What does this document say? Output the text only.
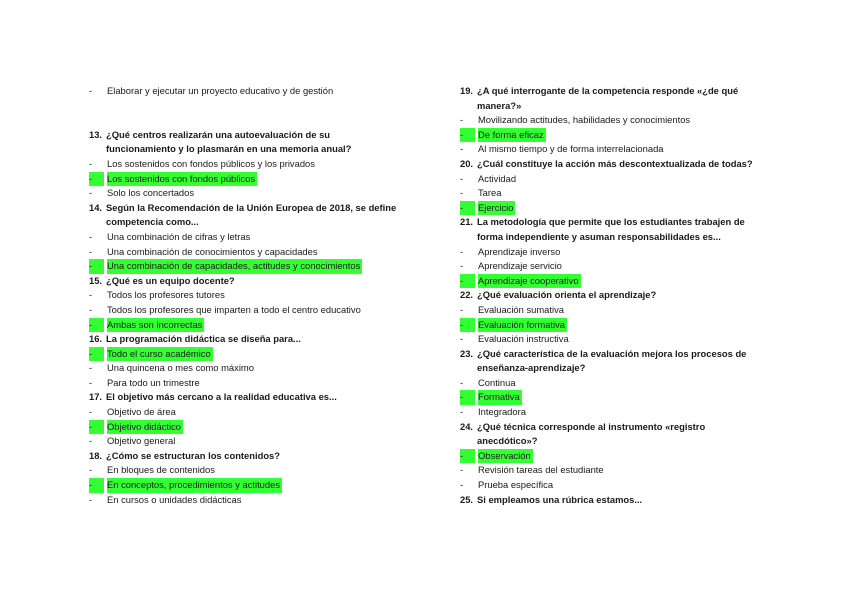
- Elaborar y ejecutar un proyecto educativo y de gestión
13. ¿Qué centros realizarán una autoevaluación de su
funcionamiento y lo plasmarán en una memoria anual?
- Los sostenidos con fondos públicos y los privados
-	Los sostenidos con fondos públicos
- Solo los concertados
14. Según la Recomendación de la Unión Europea de 2018, se define
competencia como...
- Una combinación de cifras y letras
- Una combinación de conocimientos y capacidades
-	Una combinación de capacidades, actitudes y conocimientos
15. ¿Qué es un equipo docente?
- Todos los profesores tutores
- Todos los profesores que imparten a todo el centro educativo
-	Ambas son incorrectas
16. La programación didáctica se diseña para...
-	Todo el curso académico
- Una quincena o mes como máximo
- Para todo un trimestre
17. El objetivo más cercano a la realidad educativa es...
- Objetivo de área
-	Objetivo didáctico
- Objetivo general
18. ¿Cómo se estructuran los contenidos?
- En bloques de contenidos
-	En conceptos, procedimientos y actitudes
- En cursos o unidades didácticas
19. ¿A qué interrogante de la competencia responde «¿de qué
manera?»
- Movilizando actitudes, habilidades y conocimientos
-	De forma eficaz
- Al mismo tiempo y de forma interrelacionada
20. ¿Cuál constituye la acción más descontextualizada de todas?
- Actividad
- Tarea
-	Ejercicio
21. La metodología que permite que los estudiantes trabajen de
forma independiente y asuman responsabilidades es...
- Aprendizaje inverso
- Aprendizaje servicio
-	Aprendizaje cooperativo
22. ¿Qué evaluación orienta el aprendizaje?
- Evaluación sumativa
-	Evaluación formativa
- Evaluación instructiva
23. ¿Qué característica de la evaluación mejora los procesos de
enseñanza-aprendizaje?
- Continua
-	Formativa
- Integradora
24. ¿Qué técnica corresponde al instrumento «registro
anecdótico»?
-	Observación
- Revisión tareas del estudiante
- Prueba específica
25. Si empleamos una rúbrica estamos...
